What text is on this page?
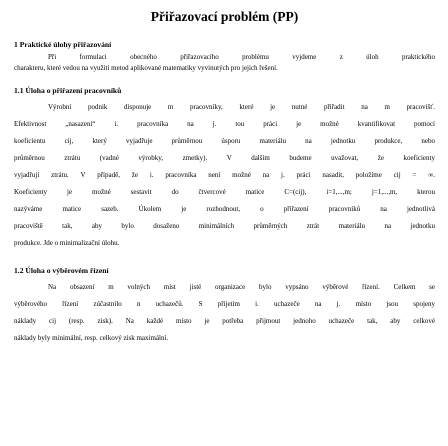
Přiřazovací problém (PP)

1 Praktické úlohy přiřazování

Při formulaci obecného přiřazovacího problému vyjdeme z úloh praktického

charakteru, které vedou na využití metod aplikované matematiky vyvinutých pro jejich řešení.

1.1 Úloha o přiřazení pracovníků

Výrobní podnik disponuje m pracovníky, které je nutné přiřadit na m pracovišť.

Efektivnost „nasazení“ i. pracovníka na j. tou práci je možné kvantifikovat pomocí

koeficientu cij, který vyjadřuje průměrnou úsporu materiálu na jednotku produkce, nebo

průměrnou ztrátu (vadné výrobky, zmetky). V dalším budeme uvažovat, že koeficienty

vyjadřují ztrátu. V případě, že i. pracovníka není možné na j. práci nasadit, položíme cij = ∞.

Koeficienty je možné sestavit do čtvercové matice C=(cij), i=1,...,m; j=1,...,m, kterou

nazýváme matice sazeb. Úkolem je rozhodnout, o přiřazení pracovníků na jednotlivá

pracoviště tak, aby bylo dosaženo minimálních průměrných ztrát materiálu na jednotku

produkce. Jde o minimalizační úlohu.

1.2 Úloha o výběrovém řízení

Na obsazení m volných míst jisté organizace bylo vypsáno výběrové řízení. Celkem se

výběrového řízení zúčastnilo n uchazečů. S přijetím i. uchazeče na j. místo jsou spojeny

náklady cij (resp. zisk). Na každé místo je potřeba přijmout jednoho uchazeče tak, aby celkové

náklady byly minimální, resp. celkový zisk maximální.
